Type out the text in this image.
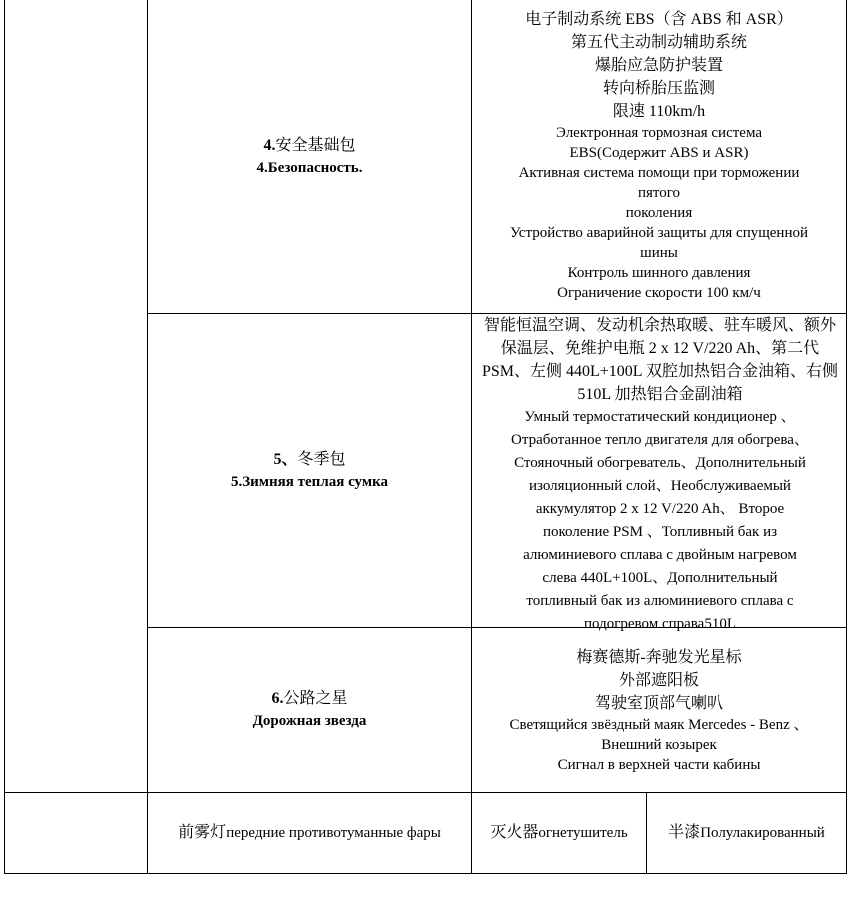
4.安全基础包
4.Безопасность.

电子制动系统 EBS（含 ABS 和 ASR）

第五代主动制动辅助系统

爆胎应急防护装置

转向桥胎压监测

限速 110km/h

Электронная тормозная система

EBS(Содержит ABS и ASR)

Активная система помощи при торможении

пятого

поколения

Устройство аварийной защиты для спущенной

шины

Контроль шинного давления

Ограничение скорости 100 км/ч

5、冬季包
5.Зимняя теплая сумка

智能恒温空调、发动机余热取暖、驻车暖风、额外保温层、免维护电瓶 2 x 12 V/220 Ah、第二代 PSM、左侧 440L+100L 双腔加热铝合金油箱、右侧 510L 加热铝合金副油箱

Умный термостатический кондиционер 、

Отработанное тепло двигателя для обогрева、

Стояночный обогреватель、Дополнительный

изоляционный слой、Необслуживаемый

аккумулятор 2 x 12 V/220 Ah、 Второе

поколение PSM 、Топливный бак из

алюминиевого сплава с двойным нагревом

слева 440L+100L、Дополнительный

топливный бак из алюминиевого сплава с

подогревом справа510L

6.公路之星
Дорожная звезда

梅赛德斯-奔驰发光星标

外部遮阳板

驾驶室顶部气喇叭

Светящийся звёздный маяк Mercedes - Benz 、

Внешний козырек

Сигнал в верхней части кабины

前雾灯передние противотуманные фары	灭火器огнетушитель	半漆Полулакированный
